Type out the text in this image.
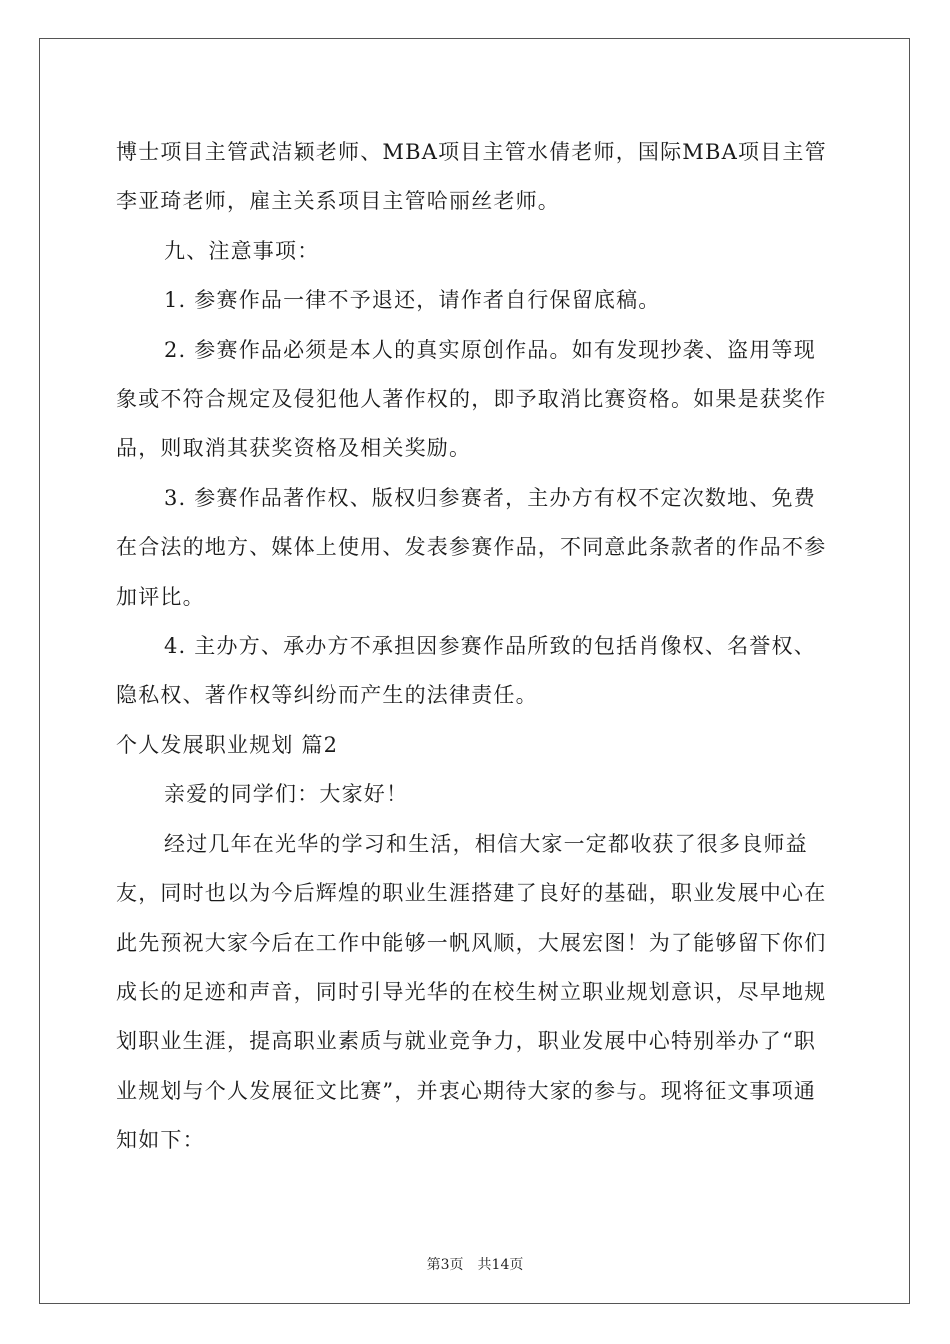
博士项目主管武洁颖老师、MBA项目主管水倩老师，国际MBA项目主管李亚琦老师，雇主关系项目主管哈丽丝老师。

九、注意事项：

1. 参赛作品一律不予退还，请作者自行保留底稿。

2. 参赛作品必须是本人的真实原创作品。如有发现抄袭、盗用等现象或不符合规定及侵犯他人著作权的，即予取消比赛资格。如果是获奖作品，则取消其获奖资格及相关奖励。

3. 参赛作品著作权、版权归参赛者，主办方有权不定次数地、免费在合法的地方、媒体上使用、发表参赛作品，不同意此条款者的作品不参加评比。

4. 主办方、承办方不承担因参赛作品所致的包括肖像权、名誉权、隐私权、著作权等纠纷而产生的法律责任。

个人发展职业规划 篇2

亲爱的同学们：大家好！

经过几年在光华的学习和生活，相信大家一定都收获了很多良师益友，同时也以为今后辉煌的职业生涯搭建了良好的基础，职业发展中心在此先预祝大家今后在工作中能够一帆风顺，大展宏图！为了能够留下你们成长的足迹和声音，同时引导光华的在校生树立职业规划意识，尽早地规划职业生涯，提高职业素质与就业竞争力，职业发展中心特别举办了“职业规划与个人发展征文比赛”，并衷心期待大家的参与。现将征文事项通知如下：

第3页　共14页
